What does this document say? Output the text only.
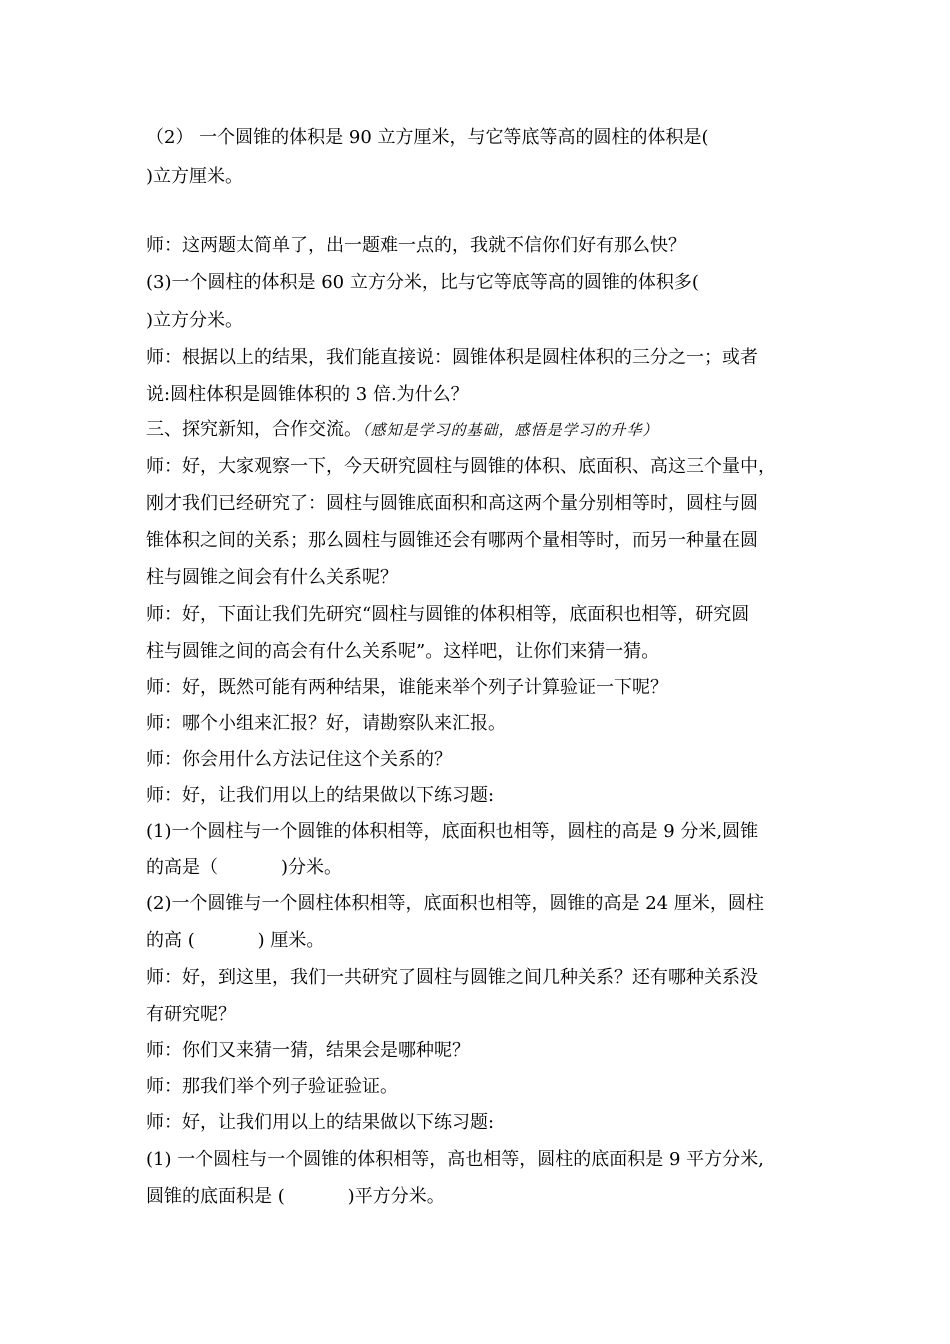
（2） 一个圆锥的体积是 90 立方厘米，与它等底等高的圆柱的体积是(
)立方厘米。
师：这两题太简单了，出一题难一点的，我就不信你们好有那么快？
(3)一个圆柱的体积是 60 立方分米，比与它等底等高的圆锥的体积多(
)立方分米。
师：根据以上的结果，我们能直接说：圆锥体积是圆柱体积的三分之一；或者
说:圆柱体积是圆锥体积的 3 倍.为什么？
三、探究新知，合作交流。（感知是学习的基础，感悟是学习的升华）
师：好，大家观察一下，今天研究圆柱与圆锥的体积、底面积、高这三个量中，
刚才我们已经研究了：圆柱与圆锥底面积和高这两个量分别相等时，圆柱与圆
锥体积之间的关系；那么圆柱与圆锥还会有哪两个量相等时，而另一种量在圆
柱与圆锥之间会有什么关系呢？
师：好，下面让我们先研究“圆柱与圆锥的体积相等，底面积也相等，研究圆
柱与圆锥之间的高会有什么关系呢”。这样吧，让你们来猜一猜。
师：好，既然可能有两种结果，谁能来举个列子计算验证一下呢？
师：哪个小组来汇报？好，请勘察队来汇报。
师：你会用什么方法记住这个关系的？
师：好，让我们用以上的结果做以下练习题:
(1)一个圆柱与一个圆锥的体积相等，底面积也相等，圆柱的高是 9 分米,圆锥
的高是（           )分米。
(2)一个圆锥与一个圆柱体积相等，底面积也相等，圆锥的高是 24 厘米，圆柱
的高 (           ) 厘米。
师：好，到这里，我们一共研究了圆柱与圆锥之间几种关系？还有哪种关系没
有研究呢？
师：你们又来猜一猜，结果会是哪种呢？
师：那我们举个列子验证验证。
师：好，让我们用以上的结果做以下练习题:
(1) 一个圆柱与一个圆锥的体积相等，高也相等，圆柱的底面积是 9 平方分米,
圆锥的底面积是 (           )平方分米。
